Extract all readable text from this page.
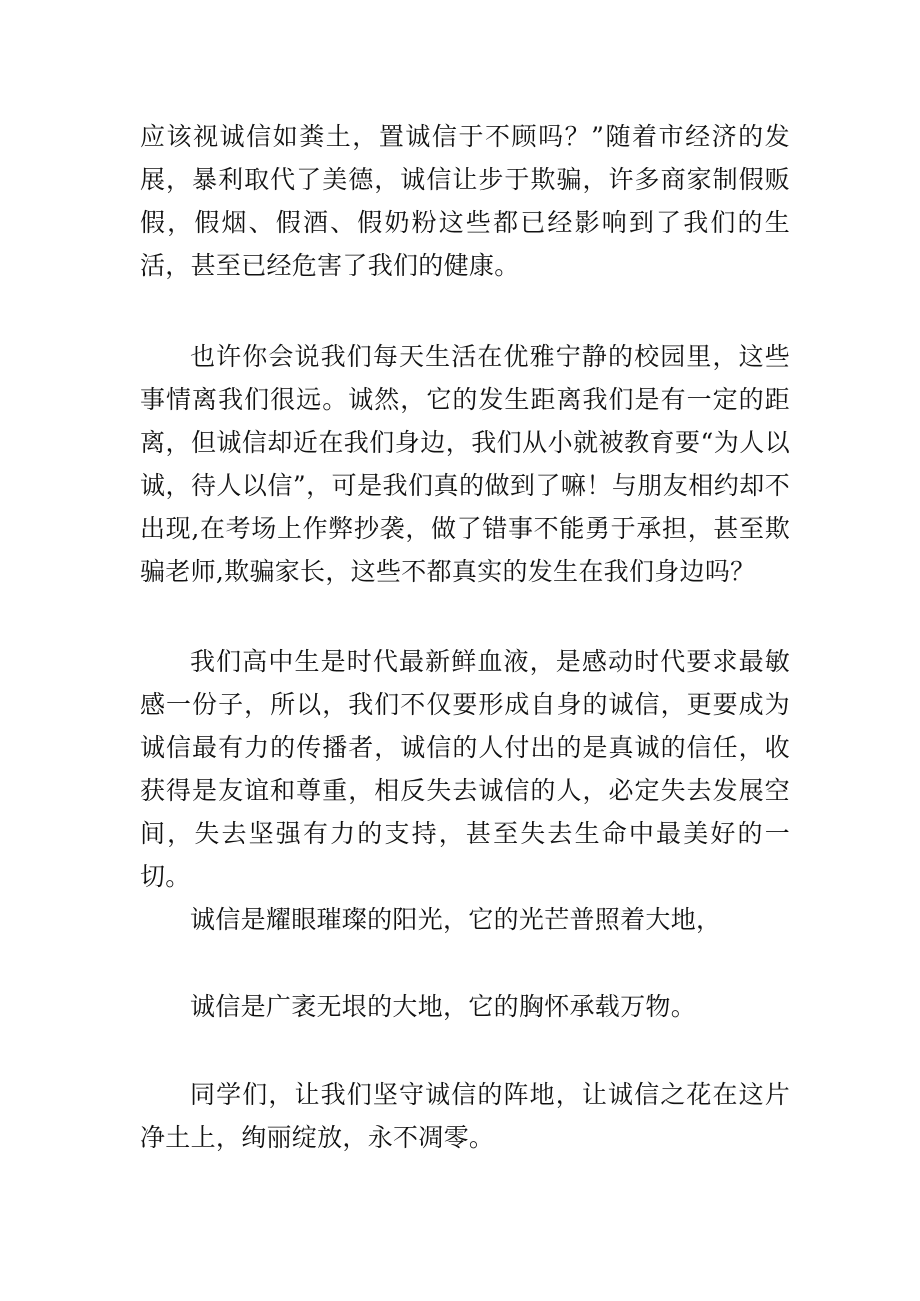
应该视诚信如粪土，置诚信于不顾吗？”随着市经济的发展，暴利取代了美德，诚信让步于欺骗，许多商家制假贩假，假烟、假酒、假奶粉这些都已经影响到了我们的生活，甚至已经危害了我们的健康。

也许你会说我们每天生活在优雅宁静的校园里，这些事情离我们很远。诚然，它的发生距离我们是有一定的距离，但诚信却近在我们身边，我们从小就被教育要“为人以诚，待人以信”，可是我们真的做到了嘛！与朋友相约却不出现,在考场上作弊抄袭，做了错事不能勇于承担，甚至欺骗老师,欺骗家长，这些不都真实的发生在我们身边吗？

我们高中生是时代最新鲜血液，是感动时代要求最敏感一份子，所以，我们不仅要形成自身的诚信，更要成为诚信最有力的传播者，诚信的人付出的是真诚的信任，收获得是友谊和尊重，相反失去诚信的人，必定失去发展空间，失去坚强有力的支持，甚至失去生命中最美好的一切。

诚信是耀眼璀璨的阳光，它的光芒普照着大地，

诚信是广袤无垠的大地，它的胸怀承载万物。

同学们，让我们坚守诚信的阵地，让诚信之花在这片净土上，绚丽绽放，永不凋零。
